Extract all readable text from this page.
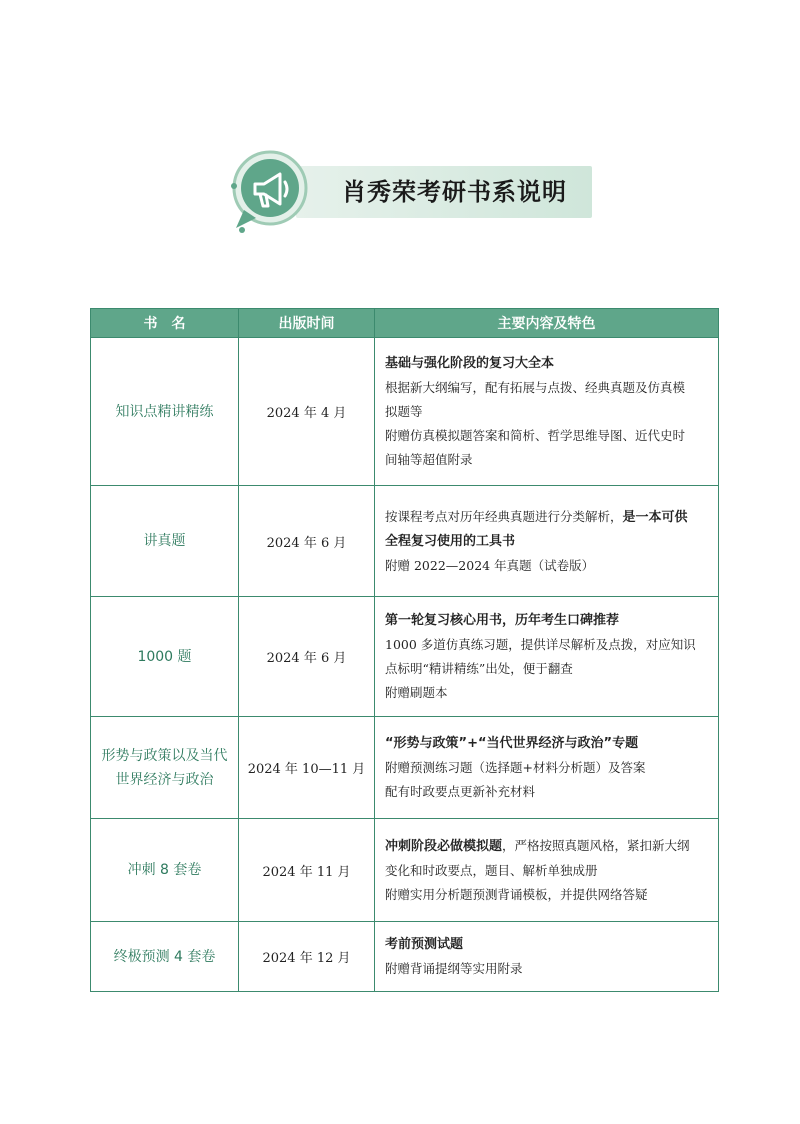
肖秀荣考研书系说明
书　名	出版时间	主要内容及特色
知识点精讲精练	2024 年 4 月	基础与强化阶段的复习大全本
根据新大纲编写，配有拓展与点拨、经典真题及仿真模
拟题等
附赠仿真模拟题答案和简析、哲学思维导图、近代史时
间轴等超值附录

讲真题	2024 年 6 月	按课程考点对历年经典真题进行分类解析，是一本可供
全程复习使用的工具书
附赠 2022—2024 年真题（试卷版）

1000 题	2024 年 6 月	第一轮复习核心用书，历年考生口碑推荐
1000 多道仿真练习题，提供详尽解析及点拨，对应知识
点标明“精讲精练”出处，便于翻查
附赠刷题本

形势与政策以及当代世界经济与政治	2024 年 10—11 月	“形势与政策”+“当代世界经济与政治”专题
附赠预测练习题（选择题+材料分析题）及答案
配有时政要点更新补充材料

冲刺 8 套卷	2024 年 11 月	冲刺阶段必做模拟题，严格按照真题风格，紧扣新大纲
变化和时政要点，题目、解析单独成册
附赠实用分析题预测背诵模板，并提供网络答疑

终极预测 4 套卷	2024 年 12 月	考前预测试题
附赠背诵提纲等实用附录
